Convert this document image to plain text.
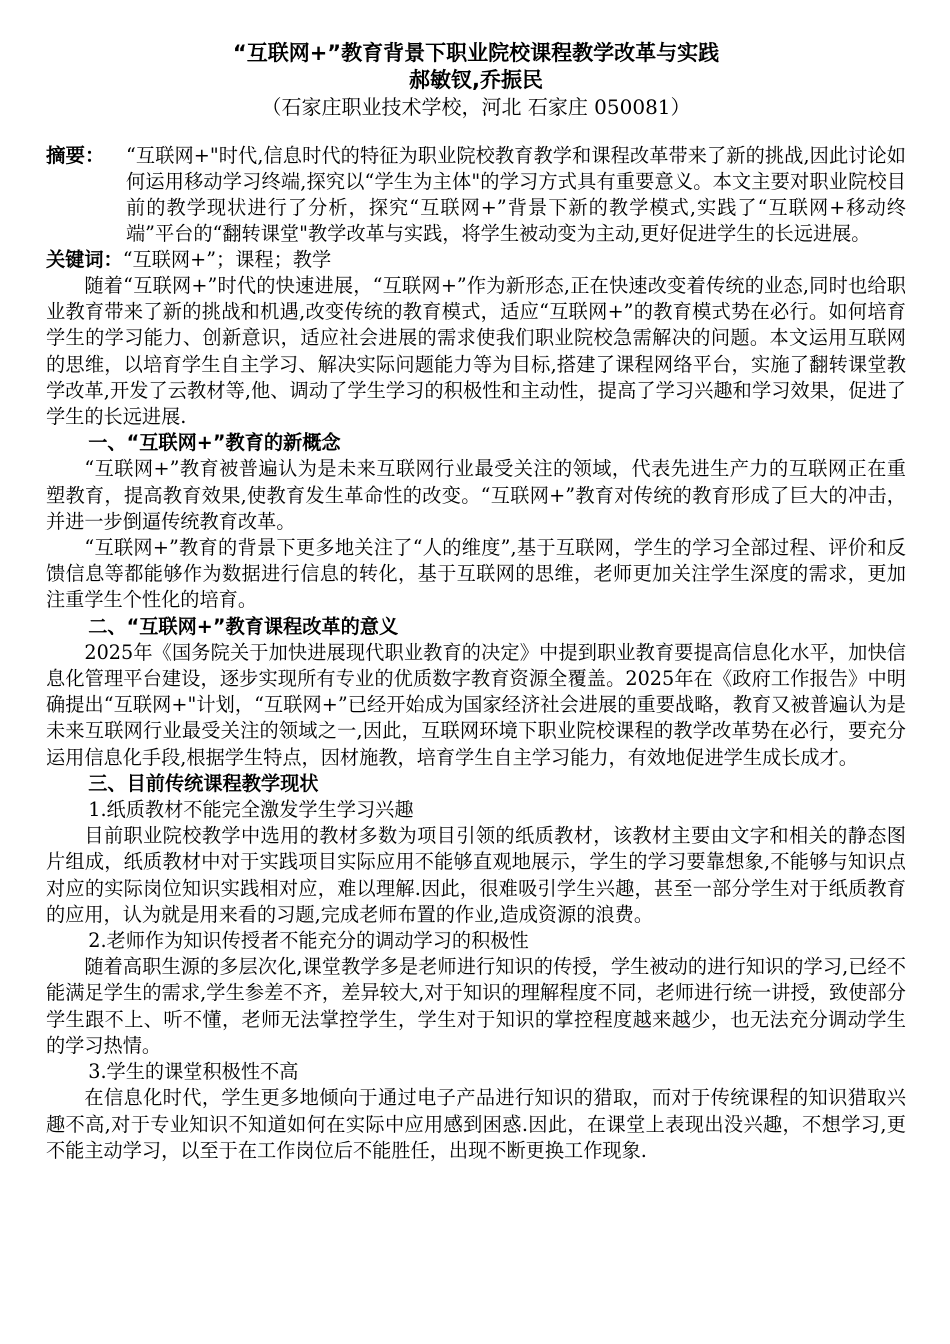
“互联网+”教育背景下职业院校课程教学改革与实践
郝敏钗,乔振民
（石家庄职业技术学校，河北 石家庄 050081）
摘要：	“互联网+"时代,信息时代的特征为职业院校教育教学和课程改革带来了新的挑战,因此讨论如何运用移动学习终端,探究以“学生为主体"的学习方式具有重要意义。本文主要对职业院校目前的教学现状进行了分析，探究“互联网+”背景下新的教学模式,实践了“互联网+移动终端”平台的“翻转课堂"教学改革与实践，将学生被动变为主动,更好促进学生的长远进展。

关键词：“互联网+”；课程；教学

随着“互联网+”时代的快速进展，“互联网+”作为新形态,正在快速改变着传统的业态,同时也给职业教育带来了新的挑战和机遇,改变传统的教育模式，适应“互联网+”的教育模式势在必行。如何培育学生的学习能力、创新意识，适应社会进展的需求使我们职业院校急需解决的问题。本文运用互联网的思维，以培育学生自主学习、解决实际问题能力等为目标,搭建了课程网络平台，实施了翻转课堂教学改革,开发了云教材等,他、调动了学生学习的积极性和主动性，提高了学习兴趣和学习效果，促进了学生的长远进展.

一、“互联网+”教育的新概念

“互联网+”教育被普遍认为是未来互联网行业最受关注的领域，代表先进生产力的互联网正在重塑教育，提高教育效果,使教育发生革命性的改变。“互联网+”教育对传统的教育形成了巨大的冲击，并进一步倒逼传统教育改革。

“互联网+”教育的背景下更多地关注了“人的维度”,基于互联网，学生的学习全部过程、评价和反馈信息等都能够作为数据进行信息的转化，基于互联网的思维，老师更加关注学生深度的需求，更加注重学生个性化的培育。

二、“互联网+”教育课程改革的意义

2025年《国务院关于加快进展现代职业教育的决定》中提到职业教育要提高信息化水平，加快信息化管理平台建设，逐步实现所有专业的优质数字教育资源全覆盖。2025年在《政府工作报告》中明确提出“互联网+"计划，“互联网+”已经开始成为国家经济社会进展的重要战略，教育又被普遍认为是未来互联网行业最受关注的领域之一,因此，互联网环境下职业院校课程的教学改革势在必行，要充分运用信息化手段,根据学生特点，因材施教，培育学生自主学习能力，有效地促进学生成长成才。

三、目前传统课程教学现状
1.纸质教材不能完全激发学生学习兴趣

目前职业院校教学中选用的教材多数为项目引领的纸质教材，该教材主要由文字和相关的静态图片组成，纸质教材中对于实践项目实际应用不能够直观地展示，学生的学习要靠想象,不能够与知识点对应的实际岗位知识实践相对应，难以理解.因此，很难吸引学生兴趣，甚至一部分学生对于纸质教育的应用，认为就是用来看的习题,完成老师布置的作业,造成资源的浪费。

2.老师作为知识传授者不能充分的调动学习的积极性

随着高职生源的多层次化,课堂教学多是老师进行知识的传授，学生被动的进行知识的学习,已经不能满足学生的需求,学生参差不齐，差异较大,对于知识的理解程度不同，老师进行统一讲授，致使部分学生跟不上、听不懂，老师无法掌控学生，学生对于知识的掌控程度越来越少，也无法充分调动学生的学习热情。

3.学生的课堂积极性不高

在信息化时代，学生更多地倾向于通过电子产品进行知识的猎取，而对于传统课程的知识猎取兴趣不高,对于专业知识不知道如何在实际中应用感到困惑.因此，在课堂上表现出没兴趣，不想学习,更不能主动学习，以至于在工作岗位后不能胜任，出现不断更换工作现象.
